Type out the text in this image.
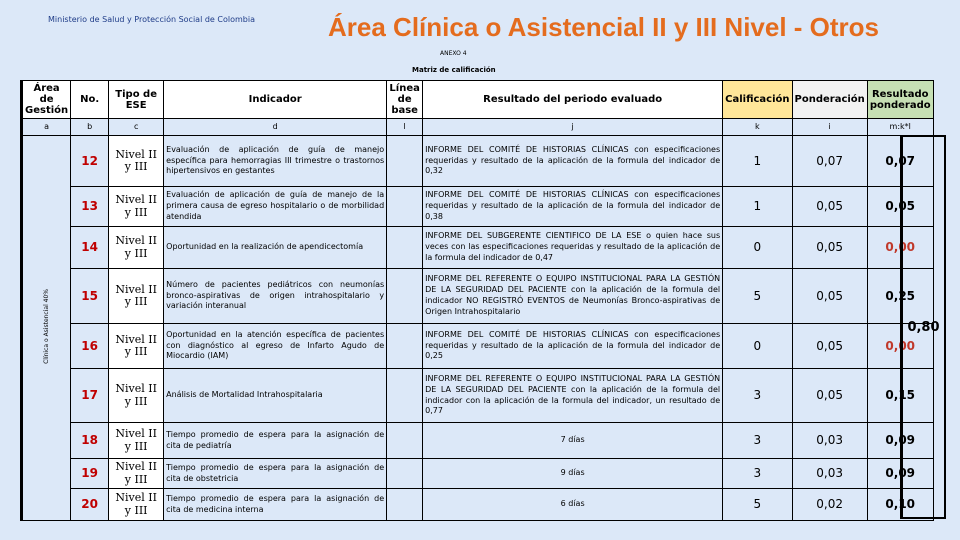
Ministerio de Salud y Protección Social de Colombia	Área Clínica o Asistencial II y III Nivel - Otros
ANEXO 4
Matriz de calificación
Área de Gestión	No.	Tipo de ESE	Indicador	Línea de base	Resultado del periodo evaluado	Calificación	Ponderación	Resultado ponderado
a	b	c	d	l	j	k	i	m:k*l
Clínica o Asistencial 40%	12	Nivel II y III	Evaluación de aplicación de guía de manejo específica para hemorragias III trimestre o trastornos hipertensivos en gestantes		INFORME DEL COMITÉ DE HISTORIAS CLÍNICAS con especificaciones requeridas y resultado de la aplicación de la formula del indicador de 0,32	1	0,07	0,07
	13	Nivel II y III	Evaluación de aplicación de guía de manejo de la primera causa de egreso hospitalario o de morbilidad atendida		INFORME DEL COMITÉ DE HISTORIAS CLÍNICAS con especificaciones requeridas y resultado de la aplicación de la formula del indicador de 0,38	1	0,05	0,05
	14	Nivel II y III	Oportunidad en la realización de apendicectomía		INFORME DEL SUBGERENTE CIENTIFICO DE LA ESE o quien hace sus veces con las especificaciones requeridas y resultado de la aplicación de la formula del indicador de 0,47	0	0,05	0,00
	15	Nivel II y III	Número de pacientes pediátricos con neumonías bronco-aspirativas de origen intrahospitalario y variación interanual		INFORME DEL REFERENTE O EQUIPO INSTITUCIONAL PARA LA GESTIÓN DE LA SEGURIDAD DEL PACIENTE con la aplicación de la formula del indicador NO REGISTRÓ EVENTOS de Neumonías Bronco-aspirativas de Origen Intrahospitalario	5	0,05	0,25
	16	Nivel II y III	Oportunidad en la atención específica de pacientes con diagnóstico al egreso de Infarto Agudo de Miocardio (IAM)		INFORME DEL COMITÉ DE HISTORIAS CLÍNICAS con especificaciones requeridas y resultado de la aplicación de la formula del indicador de 0,25	0	0,05	0,00
	17	Nivel II y III	Análisis de Mortalidad Intrahospitalaria		INFORME DEL REFERENTE O EQUIPO INSTITUCIONAL PARA LA GESTIÓN DE LA SEGURIDAD DEL PACIENTE con la aplicación de la formula del indicador con la aplicación de la formula del indicador, un resultado de 0,77	3	0,05	0,15
	18	Nivel II y III	Tiempo promedio de espera para la asignación de cita de pediatría		7 días	3	0,03	0,09
	19	Nivel II y III	Tiempo promedio de espera para la asignación de cita de obstetricia		9 días	3	0,03	0,09
	20	Nivel II y III	Tiempo promedio de espera para la asignación de cita de medicina interna		6 días	5	0,02	0,10
0,80
